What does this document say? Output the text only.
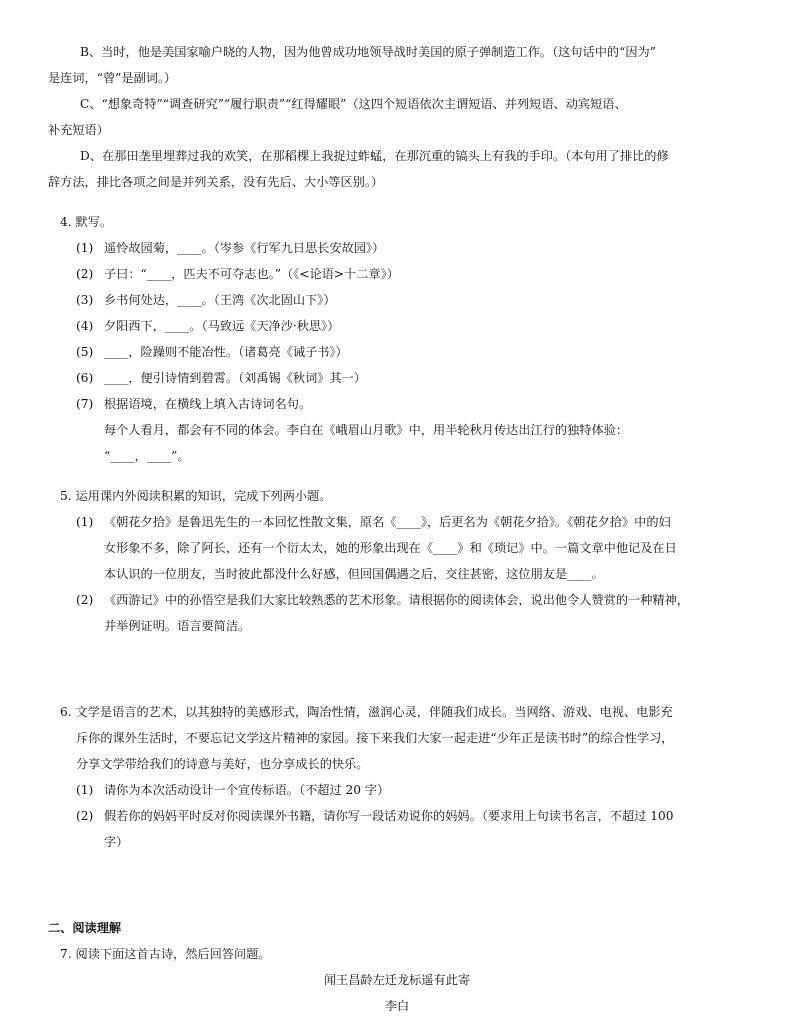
B、当时，他是美国家喻户晓的人物，因为他曾成功地领导战时美国的原子弹制造工作。（这句话中的“因为”
是连词，“曾”是副词。）
C、“想象奇特”“调查研究”“履行职责”“红得耀眼”（这四个短语依次主谓短语、并列短语、动宾短语、
补充短语）
D、在那田垄里埋葬过我的欢笑，在那稻棵上我捉过蚱蜢，在那沉重的镐头上有我的手印。（本句用了排比的修
辞方法，排比各项之间是并列关系，没有先后、大小等区别。）
4. 默写。
(1) 遥怜故园菊，____。（岑参《行军九日思长安故园》）
(2) 子曰：“____，匹夫不可夺志也。”（《<论语>十二章》）
(3) 乡书何处达，____。（王湾《次北固山下》）
(4) 夕阳西下，____。（马致远《天净沙·秋思》）
(5) ____，险躁则不能冶性。（诸葛亮《诫子书》）
(6) ____，便引诗情到碧霄。（刘禹锡《秋词》其一）
(7) 根据语境，在横线上填入古诗词名句。
每个人看月，都会有不同的体会。李白在《峨眉山月歌》中，用半轮秋月传达出江行的独特体验：
“____，____”。
5. 运用课内外阅读积累的知识，完成下列两小题。
(1) 《朝花夕拾》是鲁迅先生的一本回忆性散文集，原名《____》，后更名为《朝花夕拾》。《朝花夕拾》中的妇
女形象不多，除了阿长，还有一个衍太太，她的形象出现在《____》和《琐记》中。一篇文章中他记及在日
本认识的一位朋友，当时彼此都没什么好感，但回国偶遇之后，交往甚密，这位朋友是____。
(2) 《西游记》中的孙悟空是我们大家比较熟悉的艺术形象。请根据你的阅读体会，说出他令人赞赏的一种精神，
并举例证明。语言要简洁。
6. 文学是语言的艺术，以其独特的美感形式，陶冶性情，滋润心灵，伴随我们成长。当网络、游戏、电视、电影充
斥你的课外生活时，不要忘记文学这片精神的家园。接下来我们大家一起走进“少年正是读书时”的综合性学习，
分享文学带给我们的诗意与美好，也分享成长的快乐。
(1) 请你为本次活动设计一个宣传标语。（不超过 20 字）
(2) 假若你的妈妈平时反对你阅读课外书籍，请你写一段话劝说你的妈妈。（要求用上句读书名言，不超过 100
字）
二、阅读理解
7. 阅读下面这首古诗，然后回答问题。
闻王昌龄左迁龙标遥有此寄
李白
